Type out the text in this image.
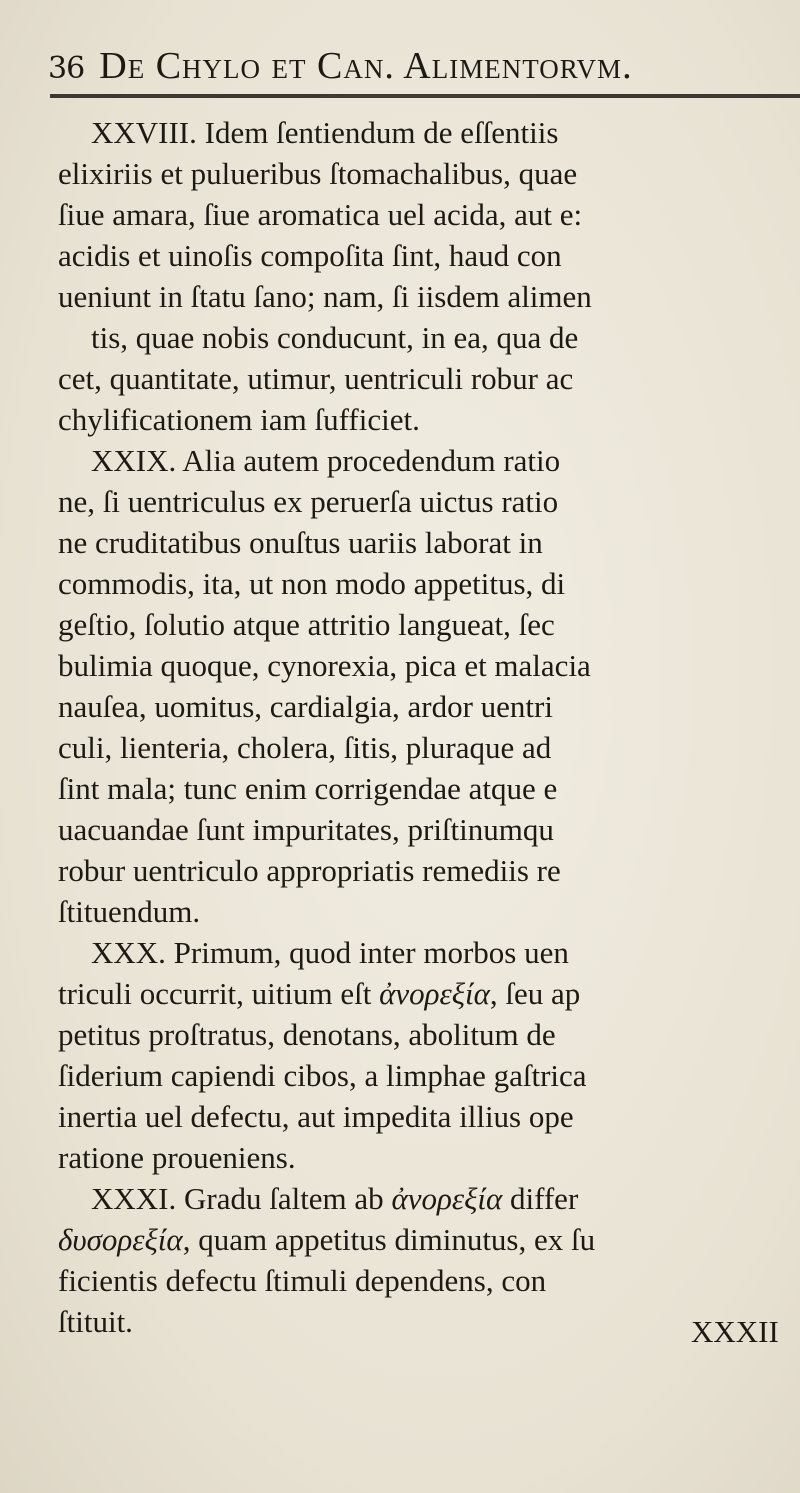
36 De Chylo et Can. Alimentorvm.
XXVIII. Idem ſentiendum de eſſentiis
elixiriis et pulueribus ſtomachalibus, quae
ſiue amara, ſiue aromatica uel acida, aut e:
acidis et uinoſis compoſita ſint, haud con
ueniunt in ſtatu ſano; nam, ſi iisdem alimen
tis, quae nobis conducunt, in ea, qua de
cet, quantitate, utimur, uentriculi robur ac
chylificationem iam ſufficiet.
XXIX. Alia autem procedendum ratio
ne, ſi uentriculus ex peruerſa uictus ratio
ne cruditatibus onuſtus uariis laborat in
commodis, ita, ut non modo appetitus, di
geſtio, ſolutio atque attritio langueat, ſec
bulimia quoque, cynorexia, pica et malacia
nauſea, uomitus, cardialgia, ardor uentri
culi, lienteria, cholera, ſitis, pluraque ad
ſint mala; tunc enim corrigendae atque e
uacuandae ſunt impuritates, priſtinumqu
robur uentriculo appropriatis remediis re
ſtituendum.
XXX. Primum, quod inter morbos uen
triculi occurrit, uitium eſt ἀνορεξία, ſeu ap
petitus proſtratus, denotans, abolitum de
ſiderium capiendi cibos, a limphae gaſtrica
inertia uel defectu, aut impedita illius ope
ratione proueniens.
XXXI. Gradu ſaltem ab ἀνορεξία differ
δυσορεξία, quam appetitus diminutus, ex ſu
ficientis defectu ſtimuli dependens, con
ſtituit.	XXXII
